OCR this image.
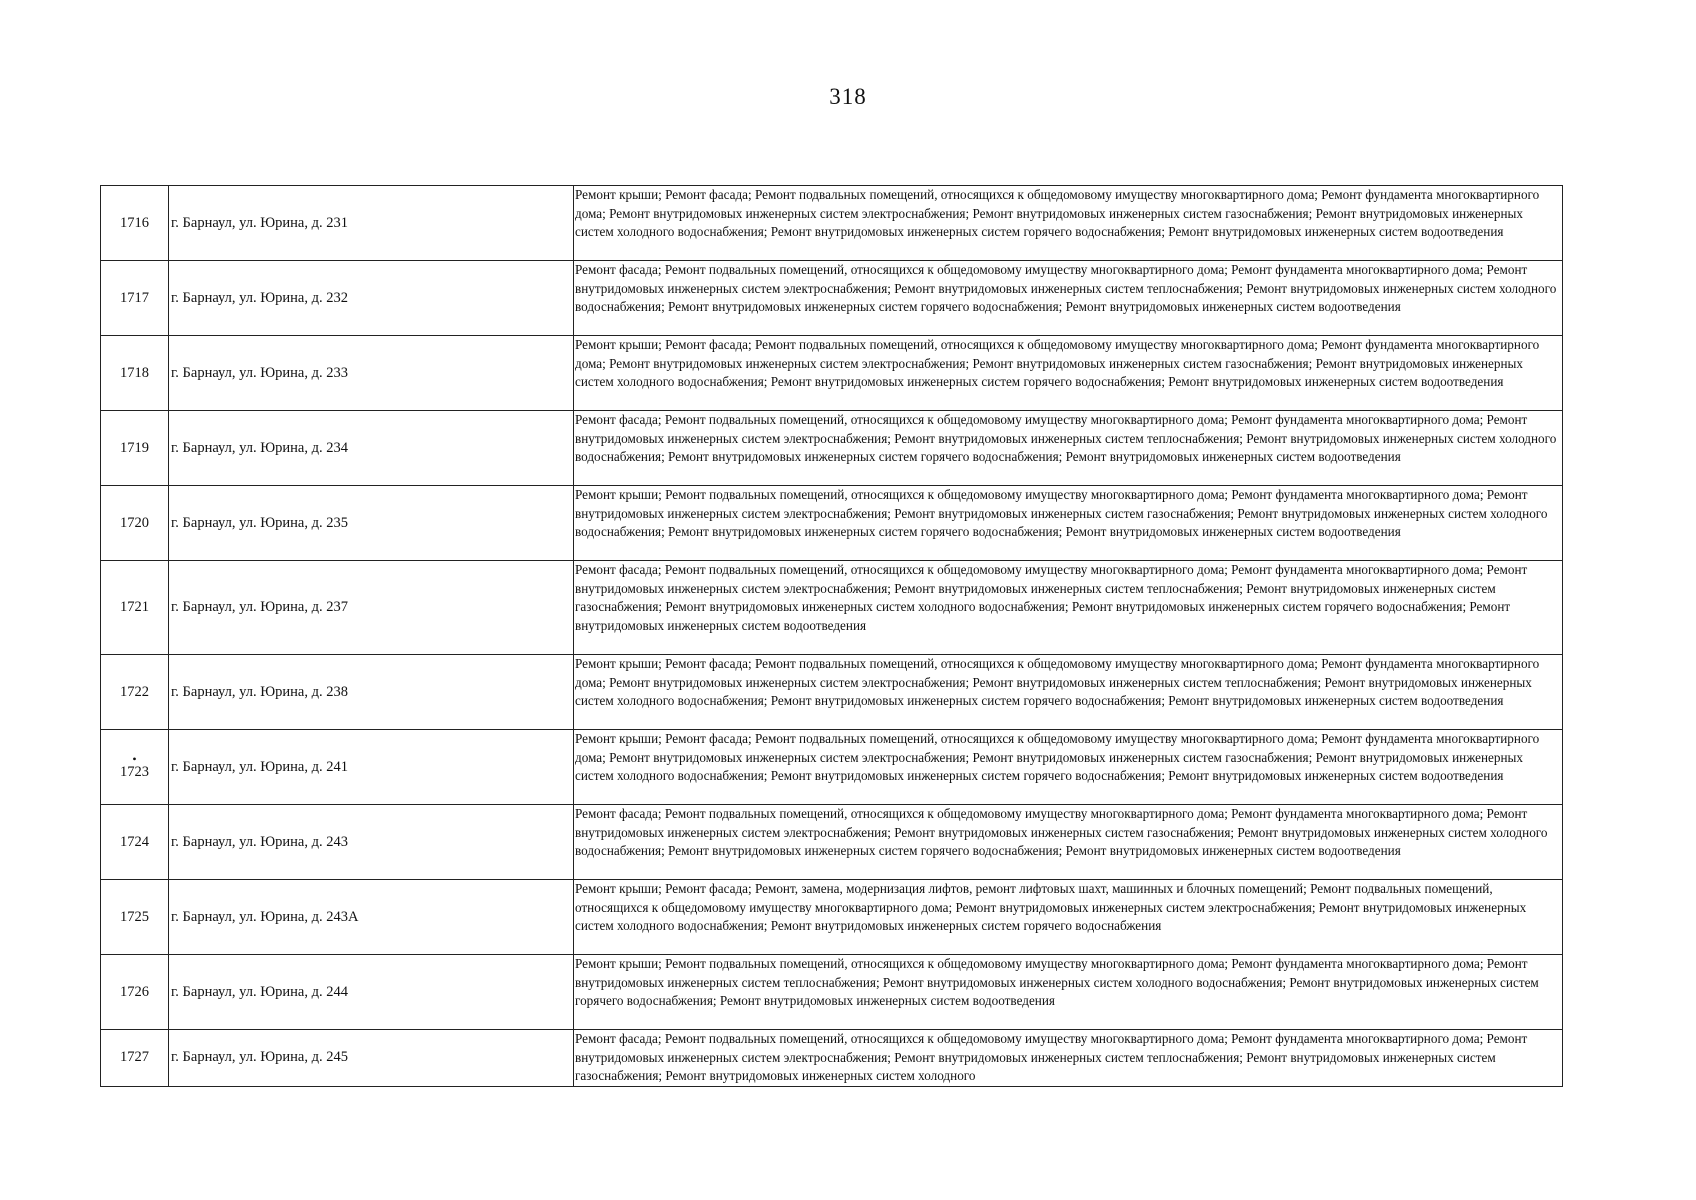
318
1716	г. Барнаул, ул. Юрина, д. 231	Ремонт крыши; Ремонт фасада; Ремонт подвальных помещений, относящихся к общедомовому имуществу многоквартирного дома; Ремонт фундамента многоквартирного дома; Ремонт внутридомовых инженерных систем электроснабжения; Ремонт внутридомовых инженерных систем газоснабжения; Ремонт внутридомовых инженерных систем холодного водоснабжения; Ремонт внутридомовых инженерных систем горячего водоснабжения; Ремонт внутридомовых инженерных систем водоотведения
1717	г. Барнаул, ул. Юрина, д. 232	Ремонт фасада; Ремонт подвальных помещений, относящихся к общедомовому имуществу многоквартирного дома; Ремонт фундамента многоквартирного дома; Ремонт внутридомовых инженерных систем электроснабжения; Ремонт внутридомовых инженерных систем теплоснабжения; Ремонт внутридомовых инженерных систем холодного водоснабжения; Ремонт внутридомовых инженерных систем горячего водоснабжения; Ремонт внутридомовых инженерных систем водоотведения
1718	г. Барнаул, ул. Юрина, д. 233	Ремонт крыши; Ремонт фасада; Ремонт подвальных помещений, относящихся к общедомовому имуществу многоквартирного дома; Ремонт фундамента многоквартирного дома; Ремонт внутридомовых инженерных систем электроснабжения; Ремонт внутридомовых инженерных систем газоснабжения; Ремонт внутридомовых инженерных систем холодного водоснабжения; Ремонт внутридомовых инженерных систем горячего водоснабжения; Ремонт внутридомовых инженерных систем водоотведения
1719	г. Барнаул, ул. Юрина, д. 234	Ремонт фасада; Ремонт подвальных помещений, относящихся к общедомовому имуществу многоквартирного дома; Ремонт фундамента многоквартирного дома; Ремонт внутридомовых инженерных систем электроснабжения; Ремонт внутридомовых инженерных систем теплоснабжения; Ремонт внутридомовых инженерных систем холодного водоснабжения; Ремонт внутридомовых инженерных систем горячего водоснабжения; Ремонт внутридомовых инженерных систем водоотведения
1720	г. Барнаул, ул. Юрина, д. 235	Ремонт крыши; Ремонт подвальных помещений, относящихся к общедомовому имуществу многоквартирного дома; Ремонт фундамента многоквартирного дома; Ремонт внутридомовых инженерных систем электроснабжения; Ремонт внутридомовых инженерных систем газоснабжения; Ремонт внутридомовых инженерных систем холодного водоснабжения; Ремонт внутридомовых инженерных систем горячего водоснабжения; Ремонт внутридомовых инженерных систем водоотведения
1721	г. Барнаул, ул. Юрина, д. 237	Ремонт фасада; Ремонт подвальных помещений, относящихся к общедомовому имуществу многоквартирного дома; Ремонт фундамента многоквартирного дома; Ремонт внутридомовых инженерных систем электроснабжения; Ремонт внутридомовых инженерных систем теплоснабжения; Ремонт внутридомовых инженерных систем газоснабжения; Ремонт внутридомовых инженерных систем холодного водоснабжения; Ремонт внутридомовых инженерных систем горячего водоснабжения; Ремонт внутридомовых инженерных систем водоотведения
1722	г. Барнаул, ул. Юрина, д. 238	Ремонт крыши; Ремонт фасада; Ремонт подвальных помещений, относящихся к общедомовому имуществу многоквартирного дома; Ремонт фундамента многоквартирного дома; Ремонт внутридомовых инженерных систем электроснабжения; Ремонт внутридомовых инженерных систем теплоснабжения; Ремонт внутридомовых инженерных систем холодного водоснабжения; Ремонт внутридомовых инженерных систем горячего водоснабжения; Ремонт внутридомовых инженерных систем водоотведения

•
1723	г. Барнаул, ул. Юрина, д. 241	Ремонт крыши; Ремонт фасада; Ремонт подвальных помещений, относящихся к общедомовому имуществу многоквартирного дома; Ремонт фундамента многоквартирного дома; Ремонт внутридомовых инженерных систем электроснабжения; Ремонт внутридомовых инженерных систем газоснабжения; Ремонт внутридомовых инженерных систем холодного водоснабжения; Ремонт внутридомовых инженерных систем горячего водоснабжения; Ремонт внутридомовых инженерных систем водоотведения
1724	г. Барнаул, ул. Юрина, д. 243	Ремонт фасада; Ремонт подвальных помещений, относящихся к общедомовому имуществу многоквартирного дома; Ремонт фундамента многоквартирного дома; Ремонт внутридомовых инженерных систем электроснабжения; Ремонт внутридомовых инженерных систем газоснабжения; Ремонт внутридомовых инженерных систем холодного водоснабжения; Ремонт внутридомовых инженерных систем горячего водоснабжения; Ремонт внутридомовых инженерных систем водоотведения
1725	г. Барнаул, ул. Юрина, д. 243А	Ремонт крыши; Ремонт фасада; Ремонт, замена, модернизация лифтов, ремонт лифтовых шахт, машинных и блочных помещений; Ремонт подвальных помещений, относящихся к общедомовому имуществу многоквартирного дома; Ремонт внутридомовых инженерных систем электроснабжения; Ремонт внутридомовых инженерных систем холодного водоснабжения; Ремонт внутридомовых инженерных систем горячего водоснабжения
1726	г. Барнаул, ул. Юрина, д. 244	Ремонт крыши; Ремонт подвальных помещений, относящихся к общедомовому имуществу многоквартирного дома; Ремонт фундамента многоквартирного дома; Ремонт внутридомовых инженерных систем теплоснабжения; Ремонт внутридомовых инженерных систем холодного водоснабжения; Ремонт внутридомовых инженерных систем горячего водоснабжения; Ремонт внутридомовых инженерных систем водоотведения
1727	г. Барнаул, ул. Юрина, д. 245	Ремонт фасада; Ремонт подвальных помещений, относящихся к общедомовому имуществу многоквартирного дома; Ремонт фундамента многоквартирного дома; Ремонт внутридомовых инженерных систем электроснабжения; Ремонт внутридомовых инженерных систем теплоснабжения; Ремонт внутридомовых инженерных систем газоснабжения; Ремонт внутридомовых инженерных систем холодного
